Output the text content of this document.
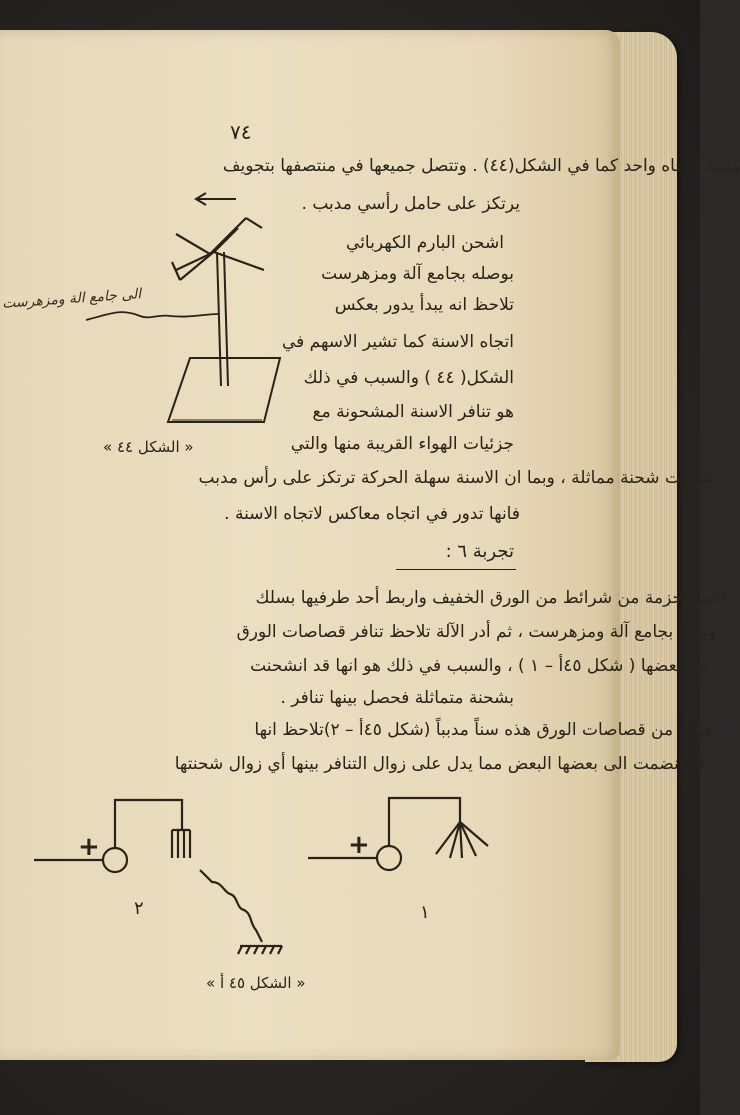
٧٤
مثنية باتجاه واحد كما في الشكل(٤٤) . وتتصل جميعها في منتصفها بتجويف
يرتكز على حامل رأسي مدبب .
اشحن البارم الكهربائي
بوصله بجامع آلة ومزهرست
تلاحظ انه يبدأ يدور بعكس
اتجاه الاسنة كما تشير الاسهم في
الشكل( ٤٤ ) والسبب في ذلك
هو تنافر الاسنة المشحونة مع
جزئيات الهواء القريبة منها والتي
« الشكل ٤٤ »
شحنت شحنة مماثلة ، وبما ان الاسنة سهلة الحركة ترتكز على رأس مدبب
فانها تدور في اتجاه معاكس لاتجاه الاسنة .
تجربة ٦ :
اعمل حزمة من شرائط من الورق الخفيف واربط أحد طرفيها بسلك
وصله بجامع آلة ومزهرست ، ثم أدر الآلة تلاحظ تنافر قصاصات الورق
عن بعضها ( شكل ٤٥أ – ١ ) ، والسبب في ذلك هو انها قد انشحنت
بشحنة متماثلة فحصل بينها تنافر .
قرّب من قصاصات الورق هذه سناً مدبباً (شكل ٤٥أ – ٢)تلاحظ انها
قد انضمت الى بعضها البعض مما يدل على زوال التنافر بينها أي زوال شحنتها
الى جامع الة ومزهرست
+	+
٢	١
« الشكل ٤٥ أ »
